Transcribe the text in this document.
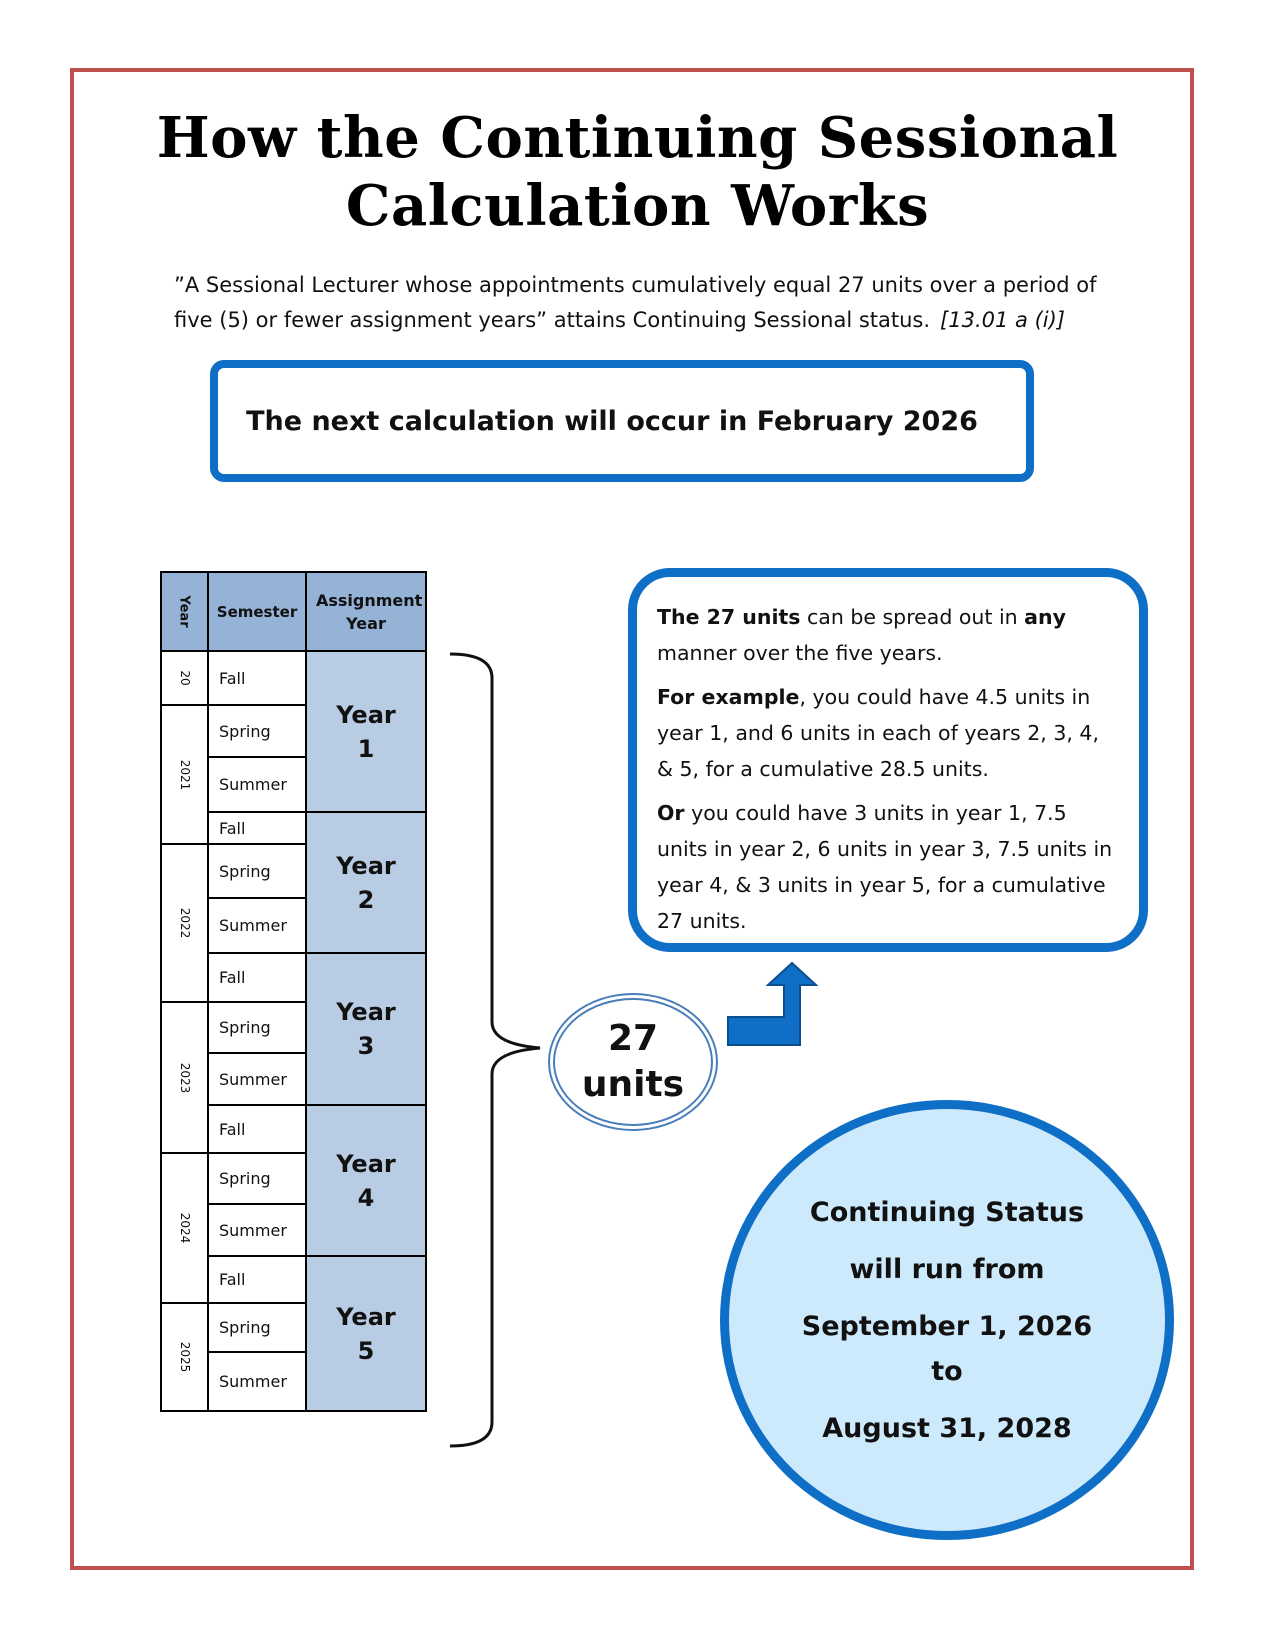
How the Continuing Sessional
Calculation Works
”A Sessional Lecturer whose appointments cumulatively equal 27 units over a period of five (5) or fewer assignment years” attains Continuing Sessional status. [13.01 a (i)]
The next calculation will occur in February 2026
Year Semester
Assignment Year
20
2021
2022
2023
2024
2025
Fall
Spring
Summer
Fall
Spring
Summer
Fall
Spring
Summer
Fall
Spring
Summer
Fall
Spring
Summer
Year
1
Year
2
Year
3
Year
4
Year
5
27
units

The 27 units can be spread out in any manner over the five years.

For example, you could have 4.5 units in year 1, and 6 units in each of years 2, 3, 4, & 5, for a cumulative 28.5 units.

Or you could have 3 units in year 1, 7.5 units in year 2, 6 units in year 3, 7.5 units in year 4, & 3 units in year 5, for a cumulative 27 units.

Continuing Status
will run from
September 1, 2026
to
August 31, 2028
